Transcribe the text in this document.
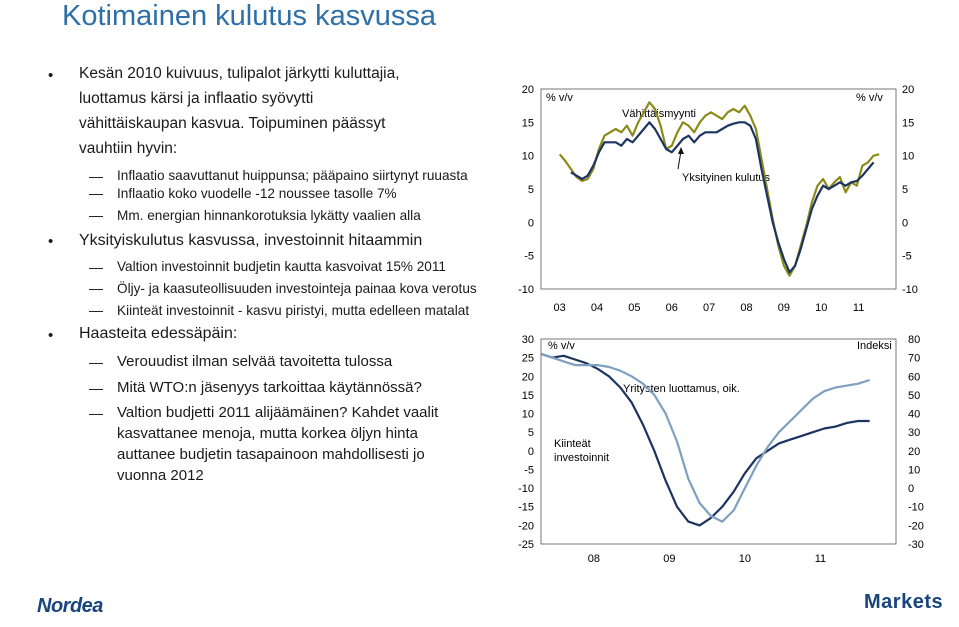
Kotimainen kulutus kasvussa
• Kesän 2010 kuivuus, tulipalot järkytti kuluttajia,
luottamus kärsi ja inflaatio syövytti
vähittäiskaupan kasvua. Toipuminen päässyt
vauhtiin hyvin:
Inflaatio saavuttanut huippunsa; pääpaino siirtynyt ruuasta
Inflaatio koko vuodelle -12 noussee tasolle 7%
Mm. energian hinnankorotuksia lykätty vaalien alla
• Yksityiskulutus kasvussa, investoinnit hitaammin
Valtion investoinnit budjetin kautta kasvoivat 15% 2011
Öljy- ja kaasuteollisuuden investointeja painaa kova verotus
Kiinteät investoinnit - kasvu piristyi, mutta edelleen matalat
• Haasteita edessäpäin:
Verouudist ilman selvää tavoitetta tulossa
Mitä WTO:n jäsenyys tarkoittaa käytännössä?
Valtion budjetti 2011 alijäämäinen? Kahdet vaalit
kasvattanee menoja, mutta korkea öljyn hinta
auttanee budjetin tasapainoon mahdollisesti jo
vuonna 2012
% v/v	% v/v
Vähittäismyynti
Yksityinen kulutus
20
15
10
5
0
-5
-10
20
15
10
5
0
-5
-10
03 04 05 06 07 08 09 10 11
% v/v	Indeksi
Yritysten luottamus, oik.
Kiinteät investoinnit
30
25
20
15
10
5
0
-5
-10
-15
-20
-25
80
70
60
50
40
30
20
10
0
-10
-20
-30
08	09	10	11
Nordea	Markets
